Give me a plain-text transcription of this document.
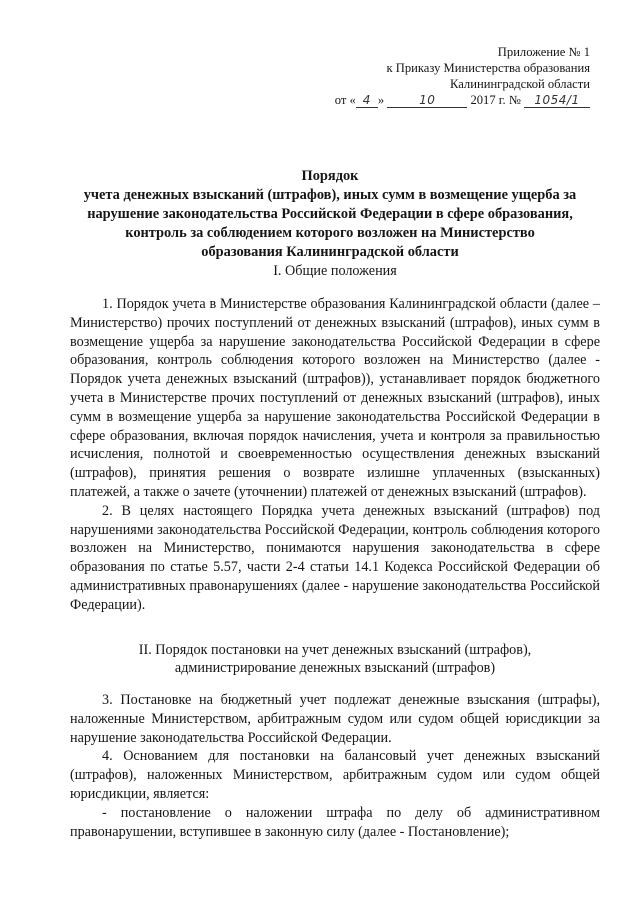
Приложение № 1
к Приказу Министерства образования
Калининградской области
от « 4 »	10	2017 г. № 1054/1
Порядок
учета денежных взысканий (штрафов), иных сумм в возмещение ущерба за
нарушение законодательства Российской Федерации в сфере образования,
контроль за соблюдением которого возложен на Министерство
образования Калининградской области
I. Общие положения

1. Порядок учета в Министерстве образования Калининградской области (далее – Министерство) прочих поступлений от денежных взысканий (штрафов), иных сумм в возмещение ущерба за нарушение законодательства Российской Федерации в сфере образования, контроль соблюдения которого возложен на Министерство (далее - Порядок учета денежных взысканий (штрафов)), устанавливает порядок бюджетного учета в Министерстве прочих поступлений от денежных взысканий (штрафов), иных сумм в возмещение ущерба за нарушение законодательства Российской Федерации в сфере образования, включая порядок начисления, учета и контроля за правильностью исчисления, полнотой и своевременностью осуществления денежных взысканий (штрафов), принятия решения о возврате излишне уплаченных (взысканных) платежей, а также о зачете (уточнении) платежей от денежных взысканий (штрафов).

2. В целях настоящего Порядка учета денежных взысканий (штрафов) под нарушениями законодательства Российской Федерации, контроль соблюдения которого возложен на Министерство, понимаются нарушения законодательства в сфере образования по статье 5.57, части 2-4 статьи 14.1 Кодекса Российской Федерации об административных правонарушениях (далее - нарушение законодательства Российской Федерации).

II. Порядок постановки на учет денежных взысканий (штрафов),
администрирование денежных взысканий (штрафов)

3. Постановке на бюджетный учет подлежат денежные взыскания (штрафы), наложенные Министерством, арбитражным судом или судом общей юрисдикции за нарушение законодательства Российской Федерации.

4. Основанием для постановки на балансовый учет денежных взысканий (штрафов), наложенных Министерством, арбитражным судом или судом общей юрисдикции, является:

- постановление о наложении штрафа по делу об административном правонарушении, вступившее в законную силу (далее - Постановление);
